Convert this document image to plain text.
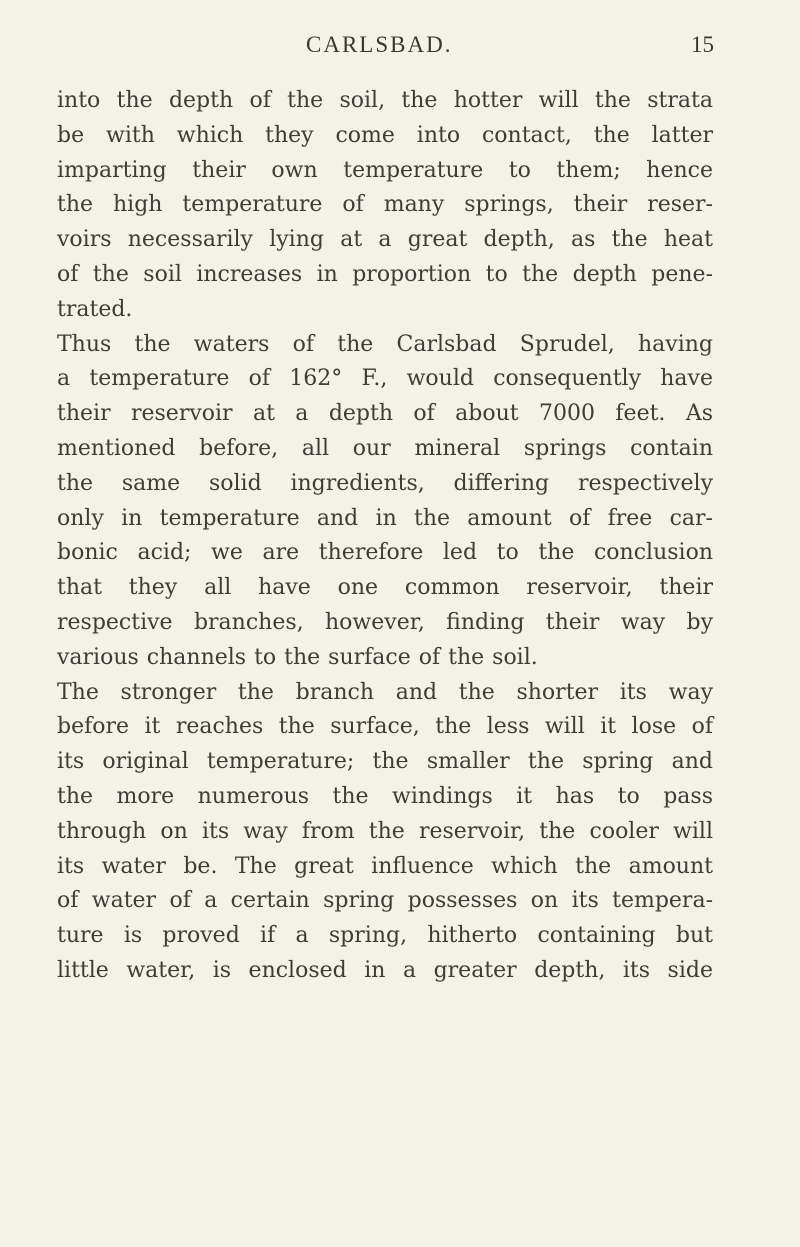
CARLSBAD.	15
into the depth of the soil, the hotter will the strata
be with which they come into contact, the latter
imparting their own temperature to them; hence
the high temperature of many springs, their reser-
voirs necessarily lying at a great depth, as the heat
of the soil increases in proportion to the depth pene-
trated.
Thus the waters of the Carlsbad Sprudel, having
a temperature of 162° F., would consequently have
their reservoir at a depth of about 7000 feet. As
mentioned before, all our mineral springs contain
the same solid ingredients, differing respectively
only in temperature and in the amount of free car-
bonic acid; we are therefore led to the conclusion
that they all have one common reservoir, their
respective branches, however, finding their way by
various channels to the surface of the soil.
The stronger the branch and the shorter its way
before it reaches the surface, the less will it lose of
its original temperature; the smaller the spring and
the more numerous the windings it has to pass
through on its way from the reservoir, the cooler will
its water be. The great influence which the amount
of water of a certain spring possesses on its tempera-
ture is proved if a spring, hitherto containing but
little water, is enclosed in a greater depth, its side
